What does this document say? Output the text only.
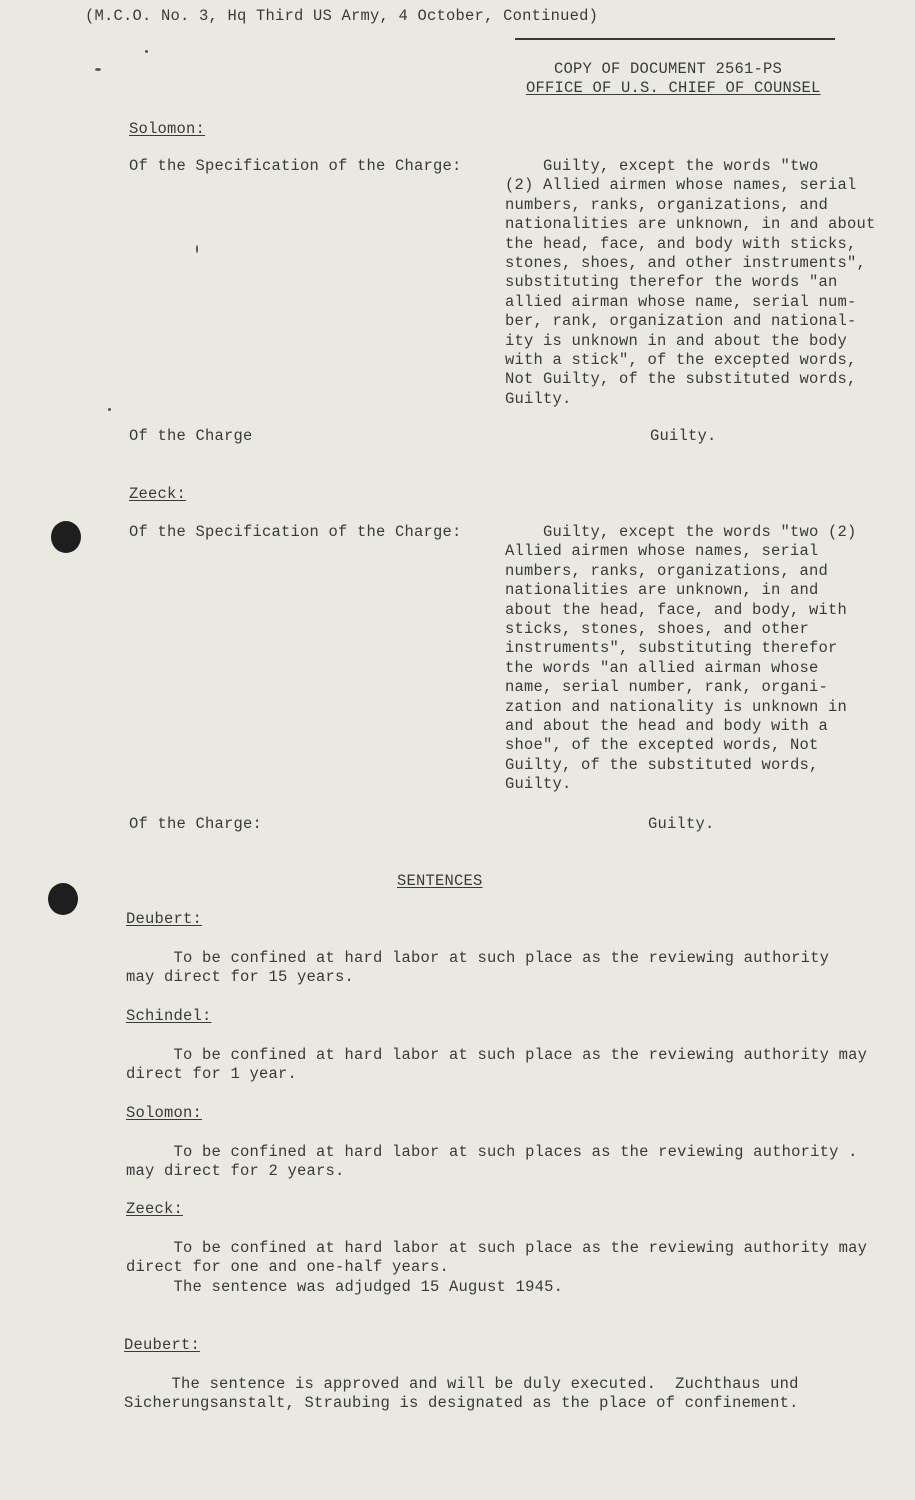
(M.C.O. No. 3, Hq Third US Army, 4 October, Continued)
COPY OF DOCUMENT 2561-PS
OFFICE OF U.S. CHIEF OF COUNSEL
Solomon:
Of the Specification of the Charge:	Guilty, except the words "two
(2) Allied airmen whose names, serial
numbers, ranks, organizations, and
nationalities are unknown, in and about
the head, face, and body with sticks,
stones, shoes, and other instruments",
substituting therefor the words "an
allied airman whose name, serial num-
ber, rank, organization and national-
ity is unknown in and about the body
with a stick", of the excepted words,
Not Guilty, of the substituted words,
Guilty.
Of the Charge	Guilty.
Zeeck:
Of the Specification of the Charge:	Guilty, except the words "two (2)
Allied airmen whose names, serial
numbers, ranks, organizations, and
nationalities are unknown, in and
about the head, face, and body, with
sticks, stones, shoes, and other
instruments", substituting therefor
the words "an allied airman whose
name, serial number, rank, organi-
zation and nationality is unknown in
and about the head and body with a
shoe", of the excepted words, Not
Guilty, of the substituted words,
Guilty.
Of the Charge:	Guilty.
SENTENCES
Deubert:
To be confined at hard labor at such place as the reviewing authority
may direct for 15 years.
Schindel:
To be confined at hard labor at such place as the reviewing authority may
direct for 1 year.
Solomon:
To be confined at hard labor at such places as the reviewing authority .
may direct for 2 years.
Zeeck:
To be confined at hard labor at such place as the reviewing authority may
direct for one and one-half years.
The sentence was adjudged 15 August 1945.
Deubert:
The sentence is approved and will be duly executed.  Zuchthaus und
Sicherungsanstalt, Straubing is designated as the place of confinement.
